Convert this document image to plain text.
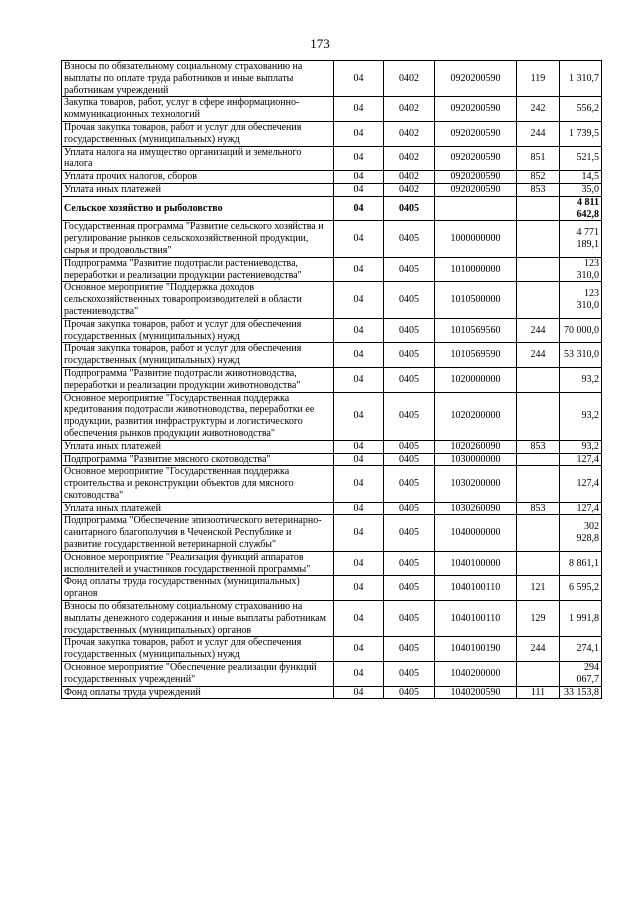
173
Взносы по обязательному социальному страхованию на выплаты по оплате труда работников и иные выплаты работникам учреждений	04	0402	0920200590	119	1 310,7
Закупка товаров, работ, услуг в сфере информационно-коммуникационных технологий	04	0402	0920200590	242	556,2
Прочая закупка товаров, работ и услуг для обеспечения государственных (муниципальных) нужд	04	0402	0920200590	244	1 739,5
Уплата налога на имущество организаций и земельного налога	04	0402	0920200590	851	521,5
Уплата прочих налогов, сборов	04	0402	0920200590	852	14,5
Уплата иных платежей	04	0402	0920200590	853	35,0
Сельское хозяйство и рыболовство	04	0405			4 811 642,8
Государственная программа "Развитие сельского хозяйства и регулирование рынков сельскохозяйственной продукции, сырья и продовольствия"	04	0405	1000000000		4 771 189,1
Подпрограмма "Развитие подотрасли растениеводства, переработки и реализации продукции растениеводства"	04	0405	1010000000		123 310,0
Основное мероприятие "Поддержка доходов сельскохозяйственных товаропроизводителей в области растениеводства"	04	0405	1010500000		123 310,0
Прочая закупка товаров, работ и услуг для обеспечения государственных (муниципальных) нужд	04	0405	1010569560	244	70 000,0
Прочая закупка товаров, работ и услуг для обеспечения государственных (муниципальных) нужд	04	0405	1010569590	244	53 310,0
Подпрограмма "Развитие подотрасли животноводства, переработки и реализации продукции животноводства"	04	0405	1020000000		93,2
Основное мероприятие "Государственная поддержка кредитования подотрасли животноводства, переработки ее продукции, развития инфраструктуры и логистического обеспечения рынков продукции животноводства"	04	0405	1020200000		93,2
Уплата иных платежей	04	0405	1020260090	853	93,2
Подпрограмма "Развитие мясного скотоводства"	04	0405	1030000000		127,4
Основное мероприятие "Государственная поддержка строительства и реконструкции объектов для мясного скотоводства"	04	0405	1030200000		127,4
Уплата иных платежей	04	0405	1030260090	853	127,4
Подпрограмма "Обеспечение эпизоотического ветеринарно-санитарного благополучия в Чеченской Республике и развитие государственной ветеринарной службы"	04	0405	1040000000		302 928,8
Основное мероприятие "Реализация функций аппаратов исполнителей и участников государственной программы"	04	0405	1040100000		8 861,1
Фонд оплаты труда государственных (муниципальных) органов	04	0405	1040100110	121	6 595,2
Взносы по обязательному социальному страхованию на выплаты денежного содержания и иные выплаты работникам государственных (муниципальных) органов	04	0405	1040100110	129	1 991,8
Прочая закупка товаров, работ и услуг для обеспечения государственных (муниципальных) нужд	04	0405	1040100190	244	274,1
Основное мероприятие "Обеспечение реализации функций государственных учреждений"	04	0405	1040200000		294 067,7
Фонд оплаты труда учреждений	04	0405	1040200590	111	33 153,8
